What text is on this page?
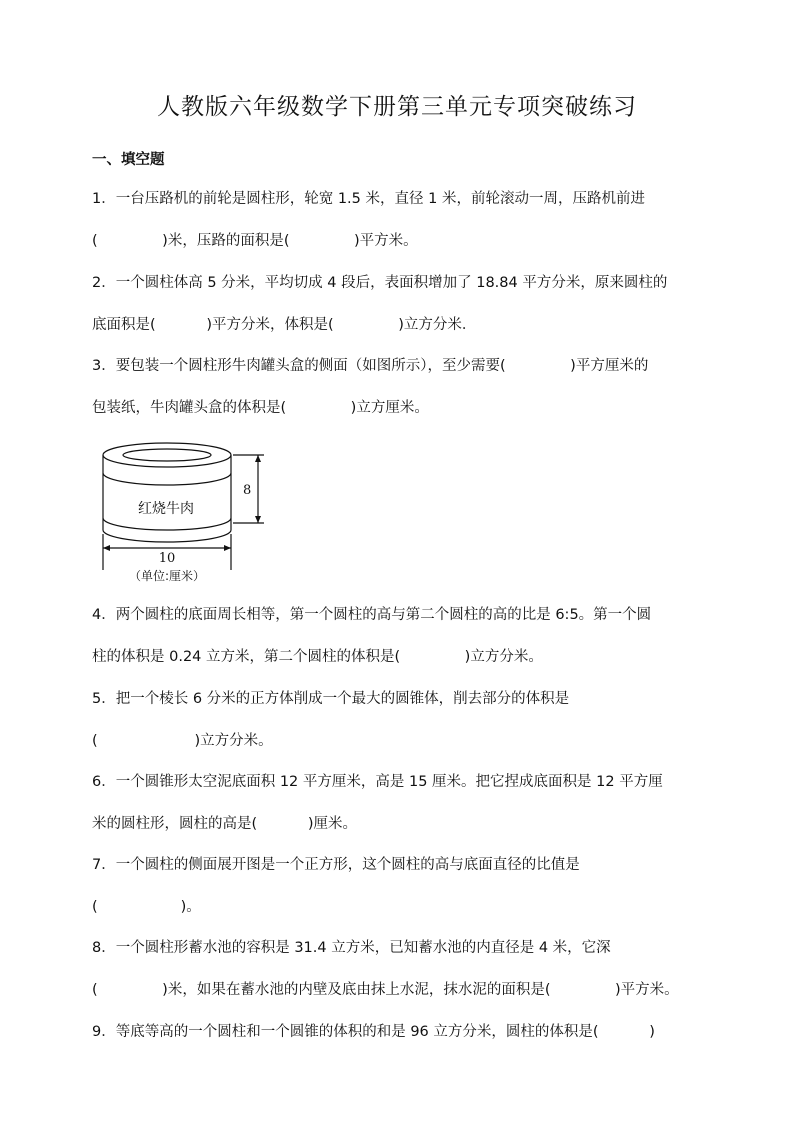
人教版六年级数学下册第三单元专项突破练习
一、填空题
1．一台压路机的前轮是圆柱形，轮宽 1.5 米，直径 1 米，前轮滚动一周，压路机前进
(              )米，压路的面积是(              )平方米。
2．一个圆柱体高 5 分米，平均切成 4 段后，表面积增加了 18.84 平方分米，原来圆柱的
底面积是(           )平方分米，体积是(              )立方分米．
3．要包装一个圆柱形牛肉罐头盒的侧面（如图所示），至少需要(              )平方厘米的
包装纸，牛肉罐头盒的体积是(              )立方厘米。
红烧牛肉
8
10
（单位:厘米）
4．两个圆柱的底面周长相等，第一个圆柱的高与第二个圆柱的高的比是 6:5。第一个圆
柱的体积是 0.24 立方米，第二个圆柱的体积是(              )立方分米。
5．把一个棱长 6 分米的正方体削成一个最大的圆锥体，削去部分的体积是
(                     )立方分米。
6．一个圆锥形太空泥底面积 12 平方厘米，高是 15 厘米。把它捏成底面积是 12 平方厘
米的圆柱形，圆柱的高是(           )厘米。
7．一个圆柱的侧面展开图是一个正方形，这个圆柱的高与底面直径的比值是
(                  )。
8．一个圆柱形蓄水池的容积是 31.4 立方米，已知蓄水池的内直径是 4 米，它深
(              )米，如果在蓄水池的内壁及底由抹上水泥，抹水泥的面积是(              )平方米。
9．等底等高的一个圆柱和一个圆锥的体积的和是 96 立方分米，圆柱的体积是(           )
